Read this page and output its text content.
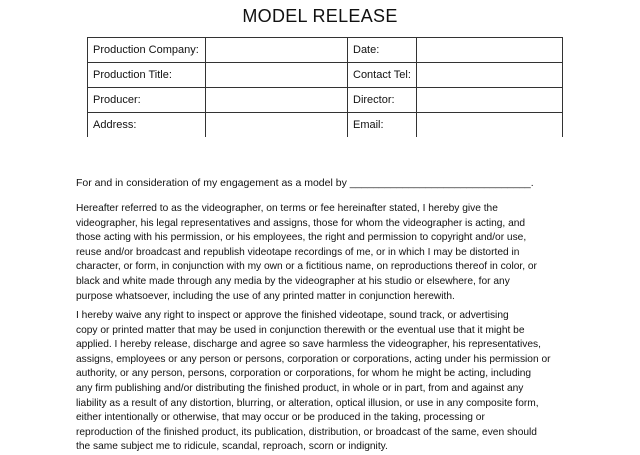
MODEL RELEASE
Production Company:		Date:	
Production Title:		Contact Tel:	
Producer:		Director:	
Address:		Email:	
For and in consideration of my engagement as a model by _______________________________.

Hereafter referred to as the videographer, on terms or fee hereinafter stated, I hereby give the
videographer, his legal representatives and assigns, those for whom the videographer is acting, and
those acting with his permission, or his employees, the right and permission to copyright and/or use,
reuse and/or broadcast and republish videotape recordings of me, or in which I may be distorted in
character, or form, in conjunction with my own or a fictitious name, on reproductions thereof in color, or
black and white made through any media by the videographer at his studio or elsewhere, for any
purpose whatsoever, including the use of any printed matter in conjunction herewith.

I hereby waive any right to inspect or approve the finished videotape, sound track, or advertising
copy or printed matter that may be used in conjunction therewith or the eventual use that it might be
applied. I hereby release, discharge and agree so save harmless the videographer, his representatives,
assigns, employees or any person or persons, corporation or corporations, acting under his permission or
authority, or any person, persons, corporation or corporations, for whom he might be acting, including
any firm publishing and/or distributing the finished product, in whole or in part, from and against any
liability as a result of any distortion, blurring, or alteration, optical illusion, or use in any composite form,
either intentionally or otherwise, that may occur or be produced in the taking, processing or
reproduction of the finished product, its publication, distribution, or broadcast of the same, even should
the same subject me to ridicule, scandal, reproach, scorn or indignity.
